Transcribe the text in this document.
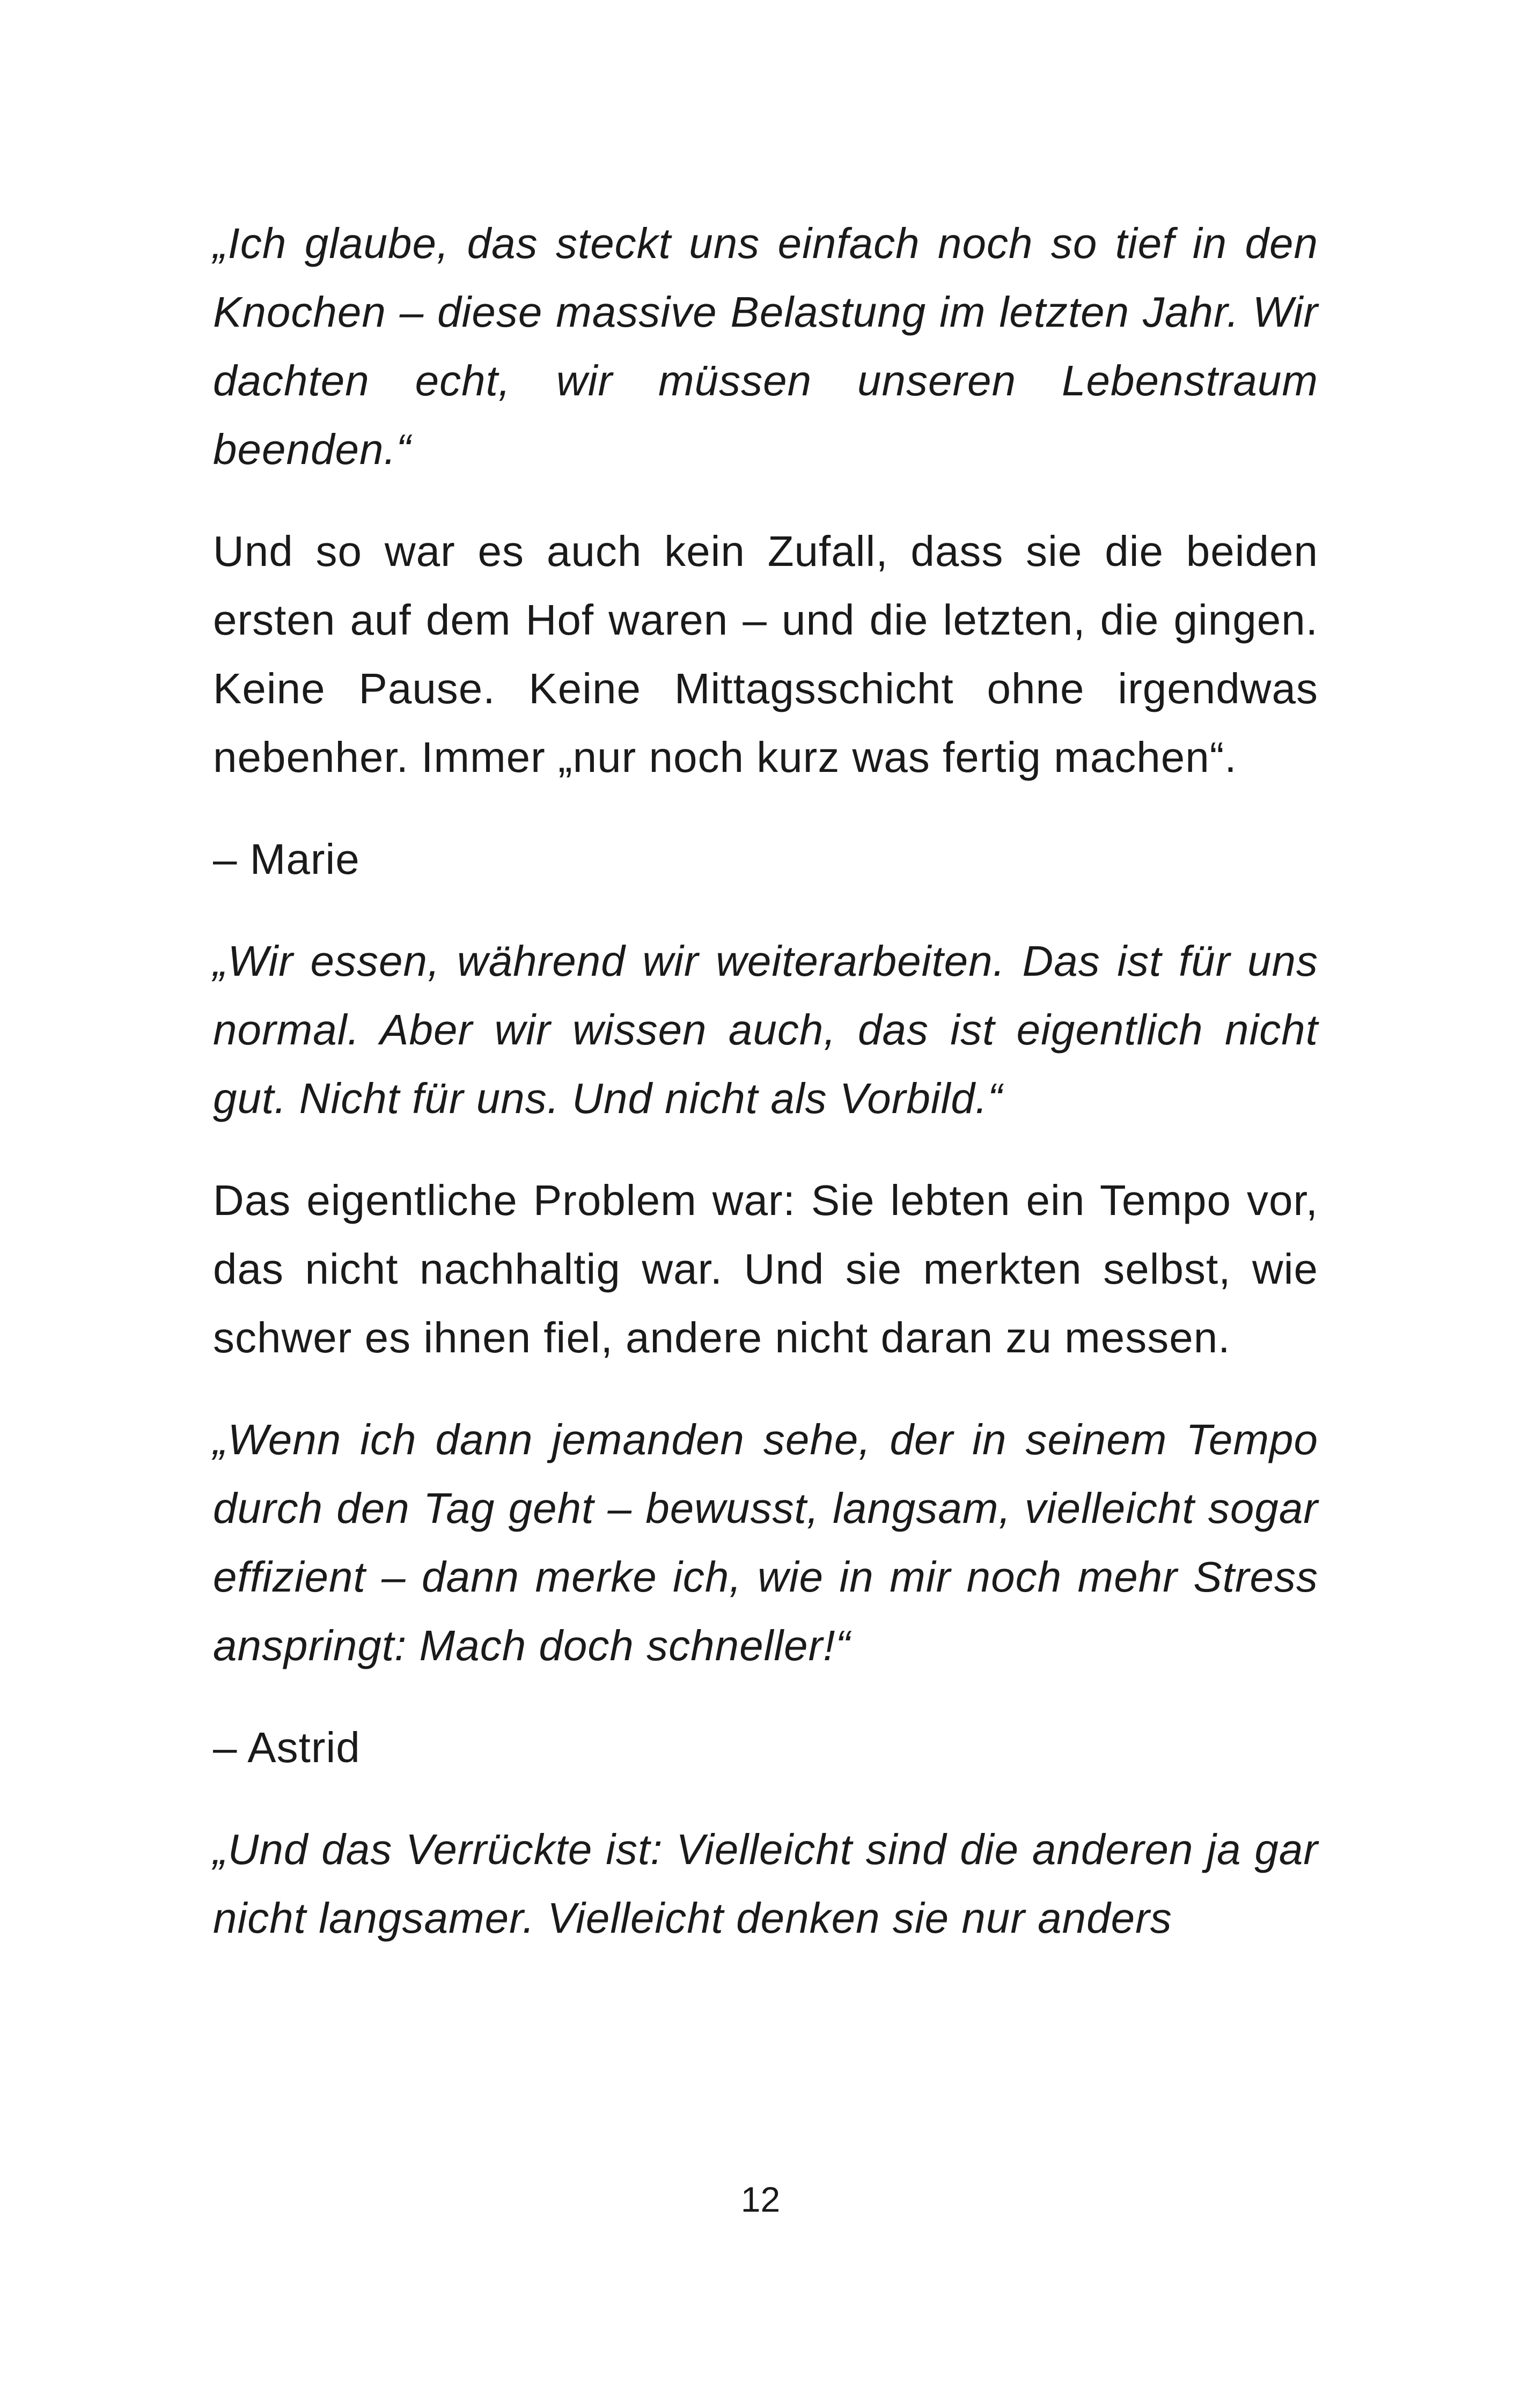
„Ich glaube, das steckt uns einfach noch so tief in den Knochen – diese massive Belastung im letzten Jahr. Wir dachten echt, wir müssen unseren Lebenstraum beenden.“

Und so war es auch kein Zufall, dass sie die beiden ersten auf dem Hof waren – und die letzten, die gingen. Keine Pause. Keine Mittagsschicht ohne irgendwas nebenher. Immer „nur noch kurz was fertig machen“.

– Marie

„Wir essen, während wir weiterarbeiten. Das ist für uns normal. Aber wir wissen auch, das ist eigentlich nicht gut. Nicht für uns. Und nicht als Vorbild.“

Das eigentliche Problem war: Sie lebten ein Tempo vor, das nicht nachhaltig war. Und sie merkten selbst, wie schwer es ihnen fiel, andere nicht daran zu messen.

„Wenn ich dann jemanden sehe, der in seinem Tempo durch den Tag geht – bewusst, langsam, vielleicht sogar effizient – dann merke ich, wie in mir noch mehr Stress anspringt: Mach doch schneller!“

– Astrid

„Und das Verrückte ist: Vielleicht sind die anderen ja gar nicht langsamer. Vielleicht denken sie nur anders

12
